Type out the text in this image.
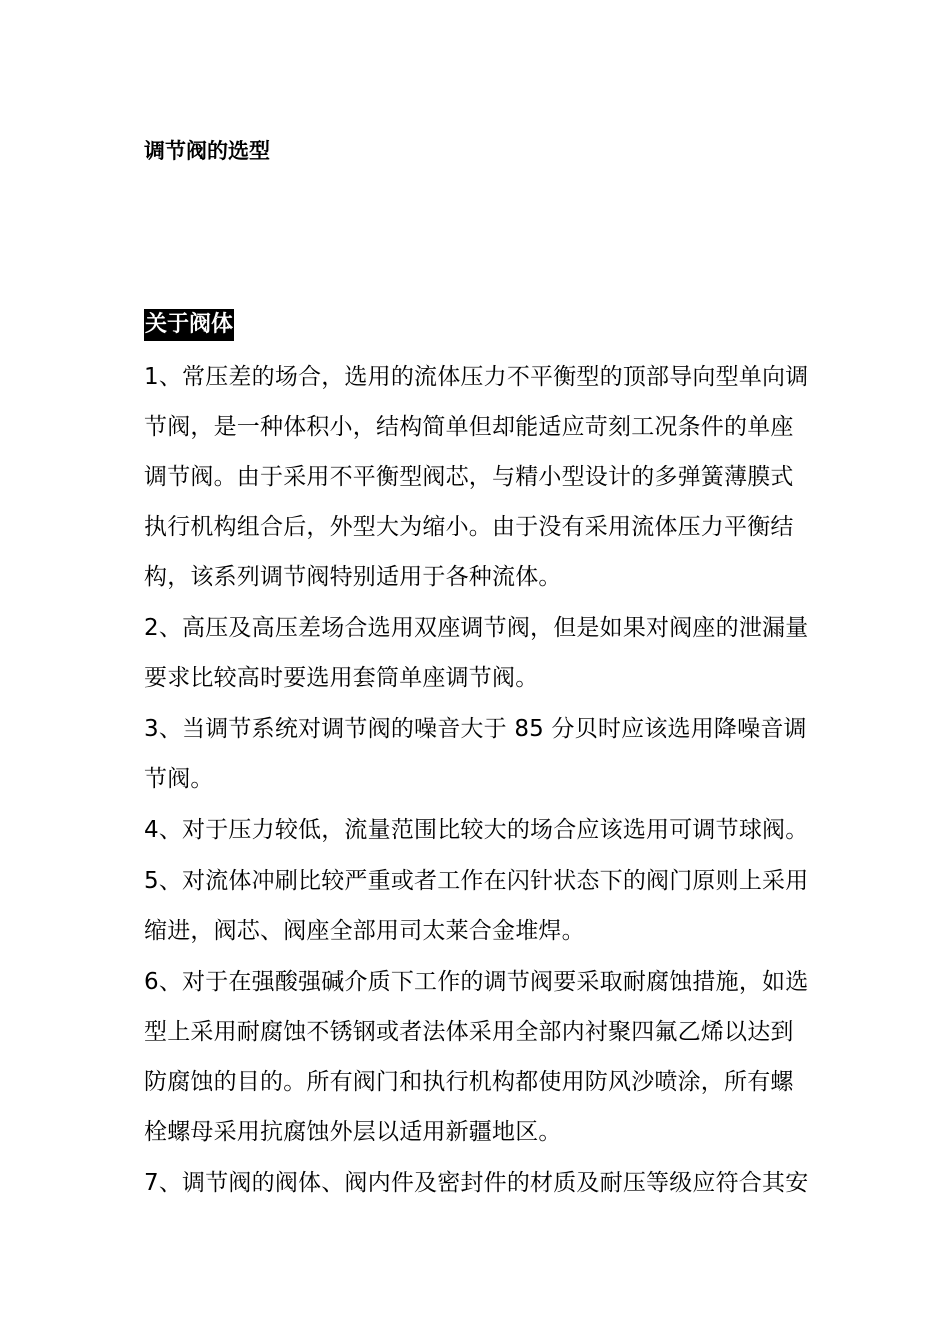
调节阀的选型
关于阀体
1、常压差的场合，选用的流体压力不平衡型的顶部导向型单向调
节阀，是一种体积小，结构简单但却能适应苛刻工况条件的单座
调节阀。由于采用不平衡型阀芯，与精小型设计的多弹簧薄膜式
执行机构组合后，外型大为缩小。由于没有采用流体压力平衡结
构，该系列调节阀特别适用于各种流体。
2、高压及高压差场合选用双座调节阀，但是如果对阀座的泄漏量
要求比较高时要选用套筒单座调节阀。
3、当调节系统对调节阀的噪音大于 85 分贝时应该选用降噪音调
节阀。
4、对于压力较低，流量范围比较大的场合应该选用可调节球阀。
5、对流体冲刷比较严重或者工作在闪针状态下的阀门原则上采用
缩进，阀芯、阀座全部用司太莱合金堆焊。
6、对于在强酸强碱介质下工作的调节阀要采取耐腐蚀措施，如选
型上采用耐腐蚀不锈钢或者法体采用全部内衬聚四氟乙烯以达到
防腐蚀的目的。所有阀门和执行机构都使用防风沙喷涂，所有螺
栓螺母采用抗腐蚀外层以适用新疆地区。
7、调节阀的阀体、阀内件及密封件的材质及耐压等级应符合其安
